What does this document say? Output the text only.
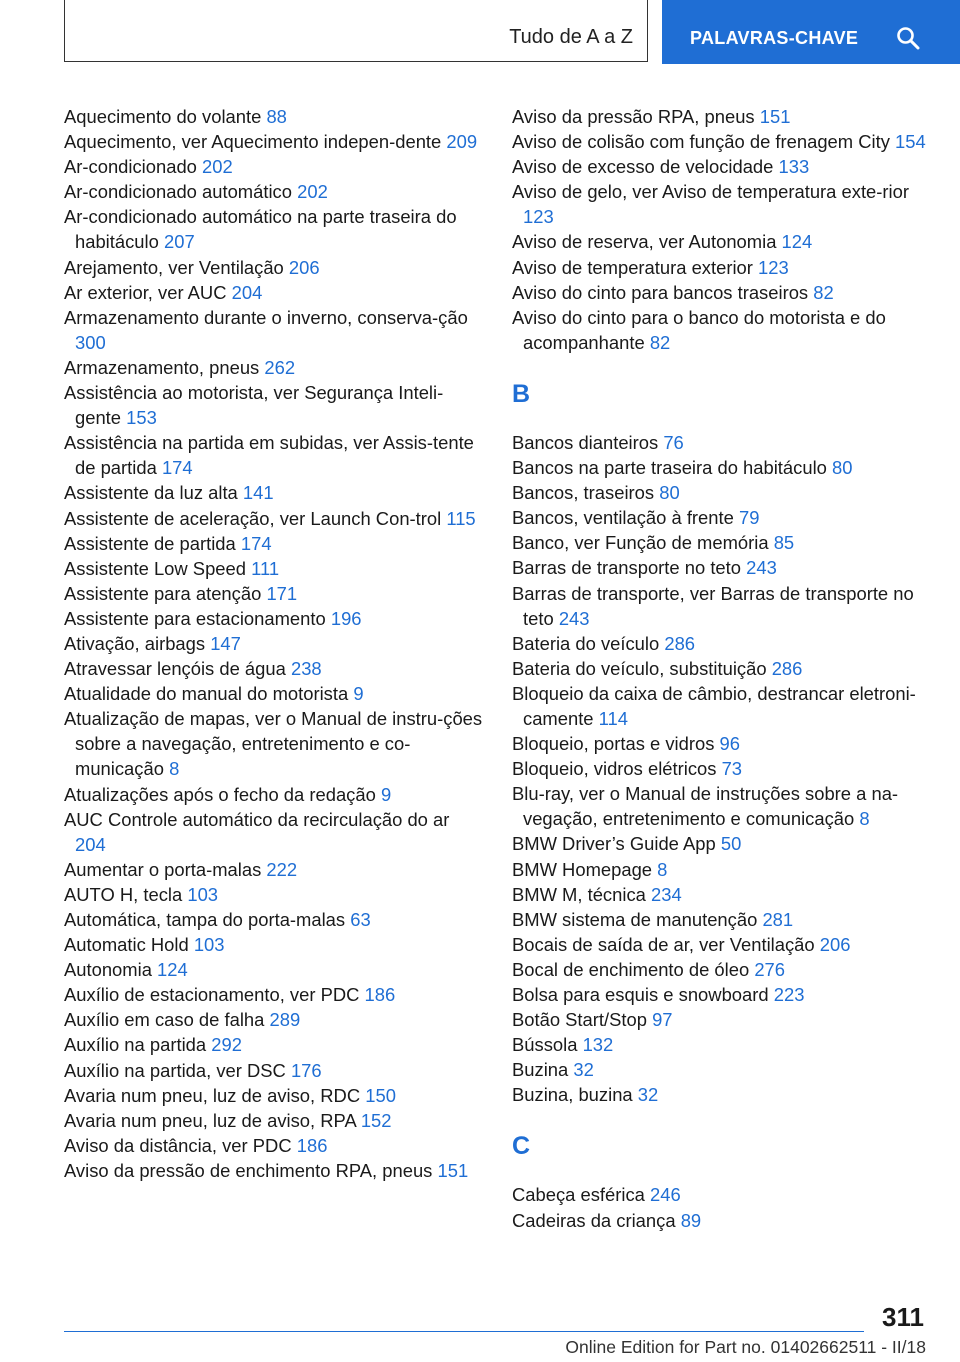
Tudo de A a Z	PALAVRAS-CHAVE
Aquecimento do volante 88
Aquecimento, ver Aquecimento indepen-dente 209
Ar-condicionado 202
Ar-condicionado automático 202
Ar-condicionado automático na parte traseira do habitáculo 207
Arejamento, ver Ventilação 206
Ar exterior, ver AUC 204
Armazenamento durante o inverno, conserva-ção 300
Armazenamento, pneus 262
Assistência ao motorista, ver Segurança Inteli-gente 153
Assistência na partida em subidas, ver Assis-tente de partida 174
Assistente da luz alta 141
Assistente de aceleração, ver Launch Con-trol 115
Assistente de partida 174
Assistente Low Speed 111
Assistente para atenção 171
Assistente para estacionamento 196
Ativação, airbags 147
Atravessar lençóis de água 238
Atualidade do manual do motorista 9
Atualização de mapas, ver o Manual de instru-ções sobre a navegação, entretenimento e co-municação 8
Atualizações após o fecho da redação 9
AUC Controle automático da recirculação do ar 204
Aumentar o porta-malas 222
AUTO H, tecla 103
Automática, tampa do porta-malas 63
Automatic Hold 103
Autonomia 124
Auxílio de estacionamento, ver PDC 186
Auxílio em caso de falha 289
Auxílio na partida 292
Auxílio na partida, ver DSC 176
Avaria num pneu, luz de aviso, RDC 150
Avaria num pneu, luz de aviso, RPA 152
Aviso da distância, ver PDC 186
Aviso da pressão de enchimento RPA, pneus 151
Aviso da pressão RPA, pneus 151
Aviso de colisão com função de frenagem City 154
Aviso de excesso de velocidade 133
Aviso de gelo, ver Aviso de temperatura exte-rior 123
Aviso de reserva, ver Autonomia 124
Aviso de temperatura exterior 123
Aviso do cinto para bancos traseiros 82
Aviso do cinto para o banco do motorista e do acompanhante 82
B
Bancos dianteiros 76
Bancos na parte traseira do habitáculo 80
Bancos, traseiros 80
Bancos, ventilação à frente 79
Banco, ver Função de memória 85
Barras de transporte no teto 243
Barras de transporte, ver Barras de transporte no teto 243
Bateria do veículo 286
Bateria do veículo, substituição 286
Bloqueio da caixa de câmbio, destrancar eletroni-camente 114
Bloqueio, portas e vidros 96
Bloqueio, vidros elétricos 73
Blu-ray, ver o Manual de instruções sobre a na-vegação, entretenimento e comunicação 8
BMW Driver’s Guide App 50
BMW Homepage 8
BMW M, técnica 234
BMW sistema de manutenção 281
Bocais de saída de ar, ver Ventilação 206
Bocal de enchimento de óleo 276
Bolsa para esquis e snowboard 223
Botão Start/Stop 97
Bússola 132
Buzina 32
Buzina, buzina 32
C
Cabeça esférica 246
Cadeiras da criança 89
311
Online Edition for Part no. 01402662511 - II/18
